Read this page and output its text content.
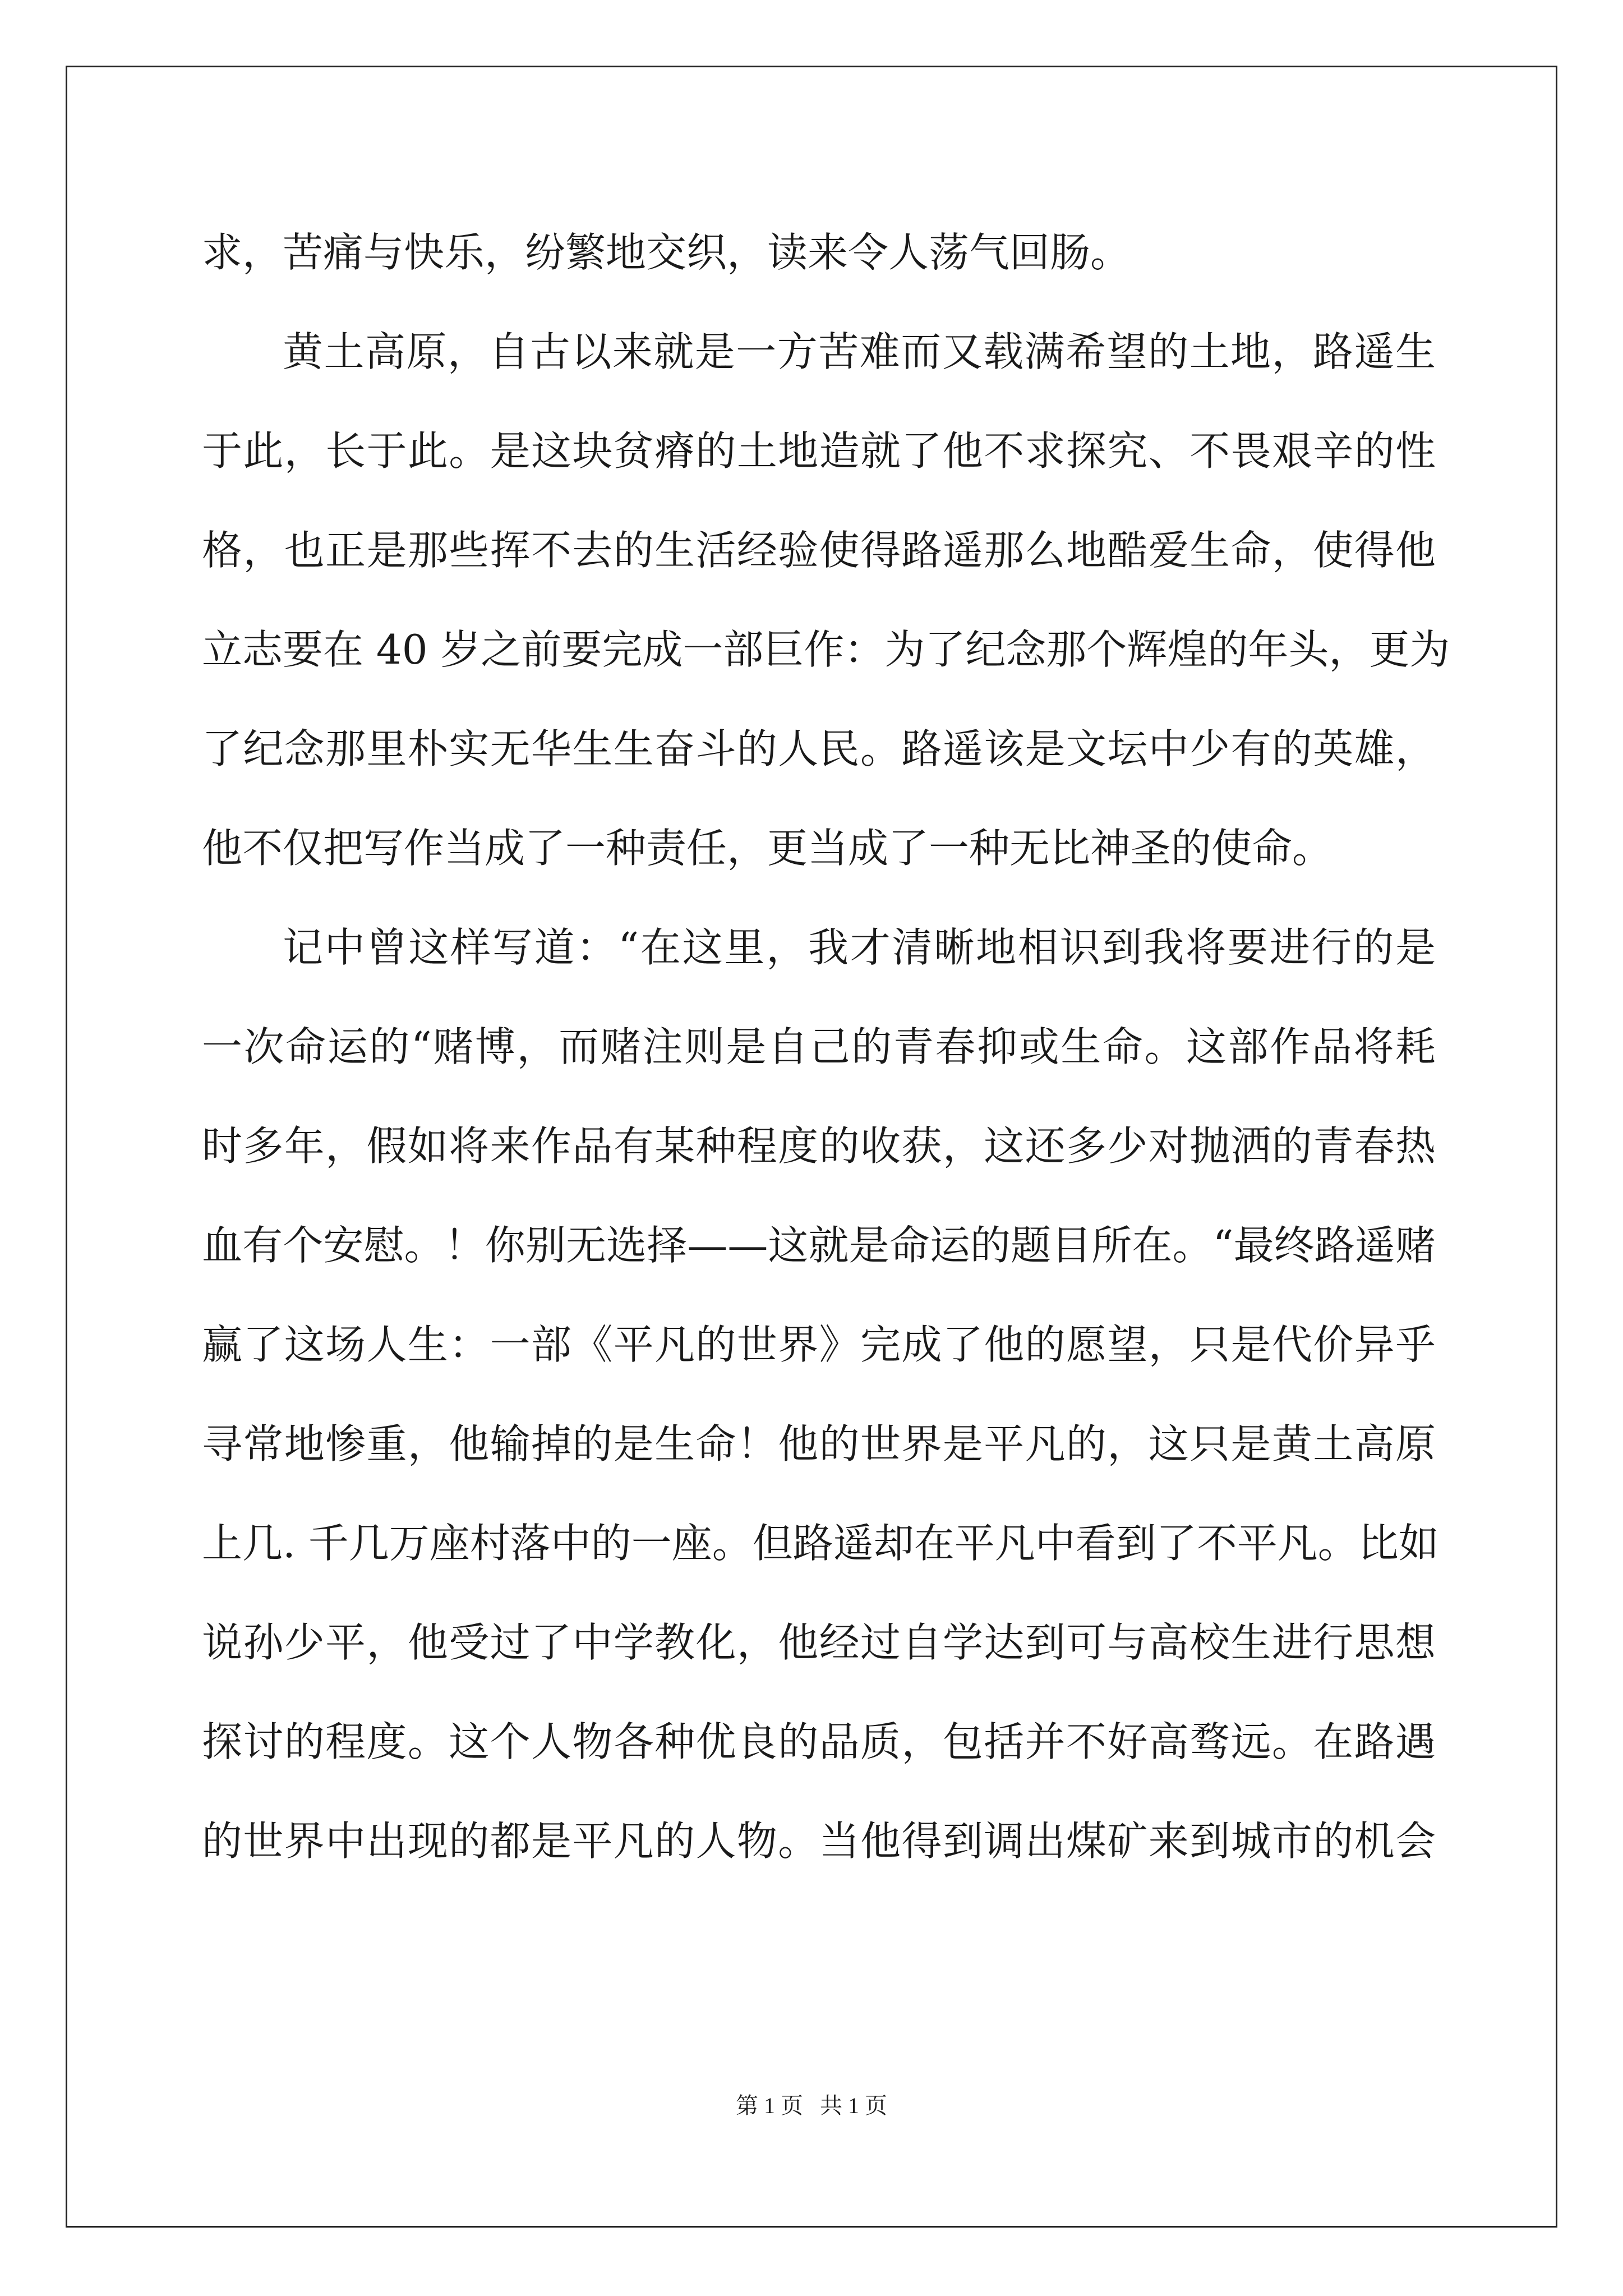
求，苦痛与快乐，纷繁地交织，读来令人荡气回肠。
黄土高原，自古以来就是一方苦难而又载满希望的土地，路遥生
于此，长于此。是这块贫瘠的土地造就了他不求探究、不畏艰辛的性
格，也正是那些挥不去的生活经验使得路遥那么地酷爱生命，使得他
立志要在 40 岁之前要完成一部巨作：为了纪念那个辉煌的年头，更为
了纪念那里朴实无华生生奋斗的人民。路遥该是文坛中少有的英雄，
他不仅把写作当成了一种责任，更当成了一种无比神圣的使命。
记中曾这样写道：“在这里，我才清晰地相识到我将要进行的是
一次命运的“赌博，而赌注则是自己的青春抑或生命。这部作品将耗
时多年，假如将来作品有某种程度的收获，这还多少对抛洒的青春热
血有个安慰。！你别无选择——这就是命运的题目所在。“最终路遥赌
赢了这场人生：一部《平凡的世界》完成了他的愿望，只是代价异乎
寻常地惨重，他输掉的是生命！他的世界是平凡的，这只是黄土高原
上几. 千几万座村落中的一座。但路遥却在平凡中看到了不平凡。比如
说孙少平，他受过了中学教化，他经过自学达到可与高校生进行思想
探讨的程度。这个人物各种优良的品质，包括并不好高骛远。在路遇
的世界中出现的都是平凡的人物。当他得到调出煤矿来到城市的机会
第 1 页   共 1 页
